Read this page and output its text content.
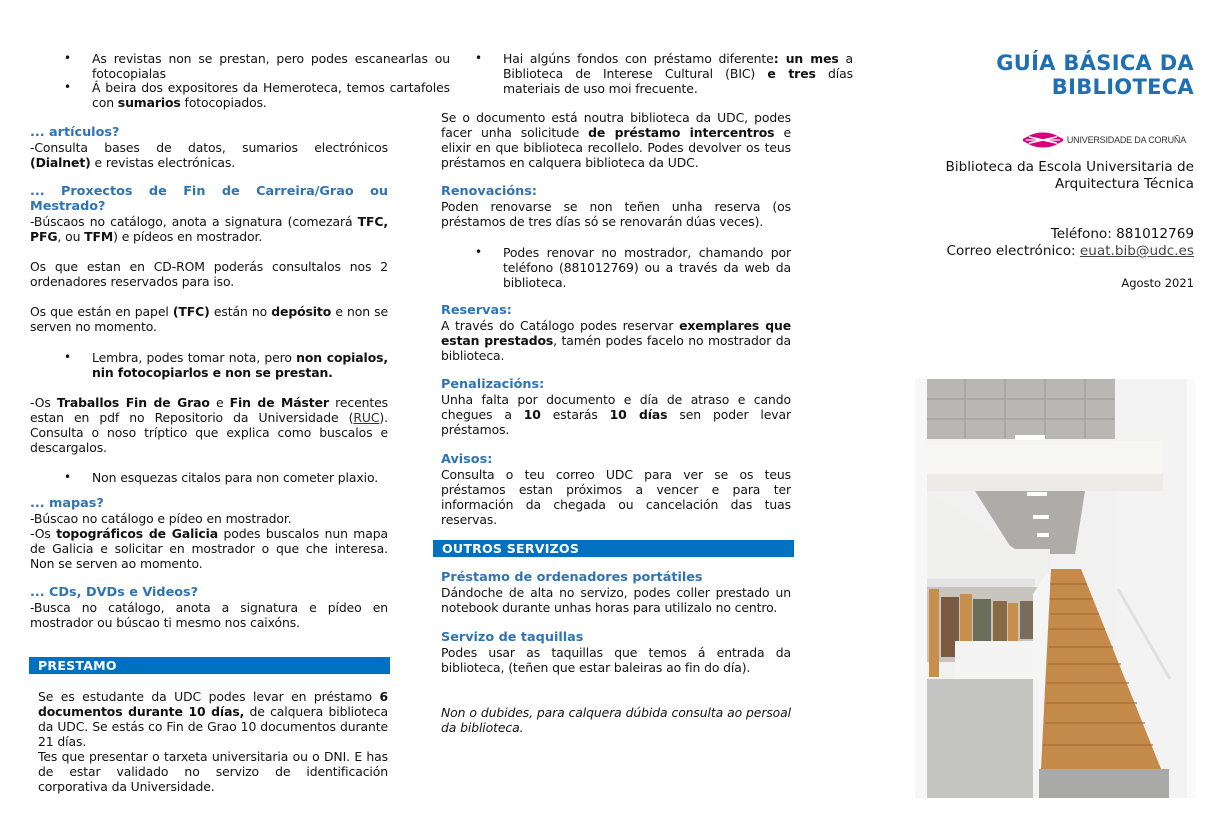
• As revistas non se prestan, pero podes escanearlas ou fotocopialas
• Á beira dos expositores da Hemeroteca, temos cartafoles con sumarios fotocopiados.

... artículos?

-Consulta bases de datos, sumarios electrónicos (Dialnet) e revistas electrónicas.

... Proxectos de Fin de Carreira/Grao ou

Mestrado?

-Búscaos no catálogo, anota a signatura (comezará TFC, PFG, ou TFM) e pídeos en mostrador.

Os que estan en CD-ROM poderás consultalos nos 2 ordenadores reservados para iso.

Os que están en papel (TFC) están no depósito e non se serven no momento.

• Lembra, podes tomar nota, pero non copialos, nin fotocopiarlos e non se prestan.

-Os Traballos Fin de Grao e Fin de Máster recentes estan en pdf no Repositorio da Universidade (RUC). Consulta o noso tríptico que explica como buscalos e descargalos.

• Non esquezas citalos para non cometer plaxio.

... mapas?

-Búscao no catálogo e pídeo en mostrador.

-Os topográficos de Galicia podes buscalos nun mapa de Galicia e solicitar en mostrador o que che interesa. Non se serven ao momento.

... CDs, DVDs e Videos?

-Busca no catálogo, anota a signatura e pídeo en mostrador ou búscao ti mesmo nos caixóns.

PRESTAMO

Se es estudante da UDC podes levar en préstamo 6 documentos durante 10 días, de calquera biblioteca da UDC. Se estás co Fin de Grao 10 documentos durante 21 días.

Tes que presentar o tarxeta universitaria ou o DNI. E has de estar validado no servizo de identificación corporativa da Universidade.

• Hai algúns fondos con préstamo diferente: un mes a Biblioteca de Interese Cultural (BIC) e tres días materiais de uso moi frecuente.

Se o documento está noutra biblioteca da UDC, podes facer unha solicitude de préstamo intercentros e elixir en que biblioteca recollelo. Podes devolver os teus préstamos en calquera biblioteca da UDC.

Renovacións:

Poden renovarse se non teñen unha reserva (os préstamos de tres días só se renovarán dúas veces).

• Podes renovar no mostrador, chamando por teléfono (881012769) ou a través da web da biblioteca.

Reservas:

A través do Catálogo podes reservar exemplares que estan prestados, tamén podes facelo no mostrador da biblioteca.

Penalizacións:

Unha falta por documento e día de atraso e cando chegues a 10 estarás 10 días sen poder levar préstamos.

Avisos:

Consulta o teu correo UDC para ver se os teus préstamos estan próximos a vencer e para ter información da chegada ou cancelación das tuas reservas.

Préstamo de ordenadores portátiles

Dándoche de alta no servizo, podes coller prestado un notebook durante unhas horas para utilizalo no centro.

Servizo de taquillas

Podes usar as taquillas que temos á entrada da biblioteca, (teñen que estar baleiras ao fin do día).

Non o dubides, para calquera dúbida consulta ao persoal da biblioteca.

OUTROS SERVIZOS
GUÍA BÁSICA DA
BIBLIOTECA
UNIVERSIDADE DA CORUÑA
Biblioteca da Escola Universitaria de
Arquitectura Técnica
Teléfono: 881012769
Correo electrónico: euat.bib@udc.es
Agosto 2021
